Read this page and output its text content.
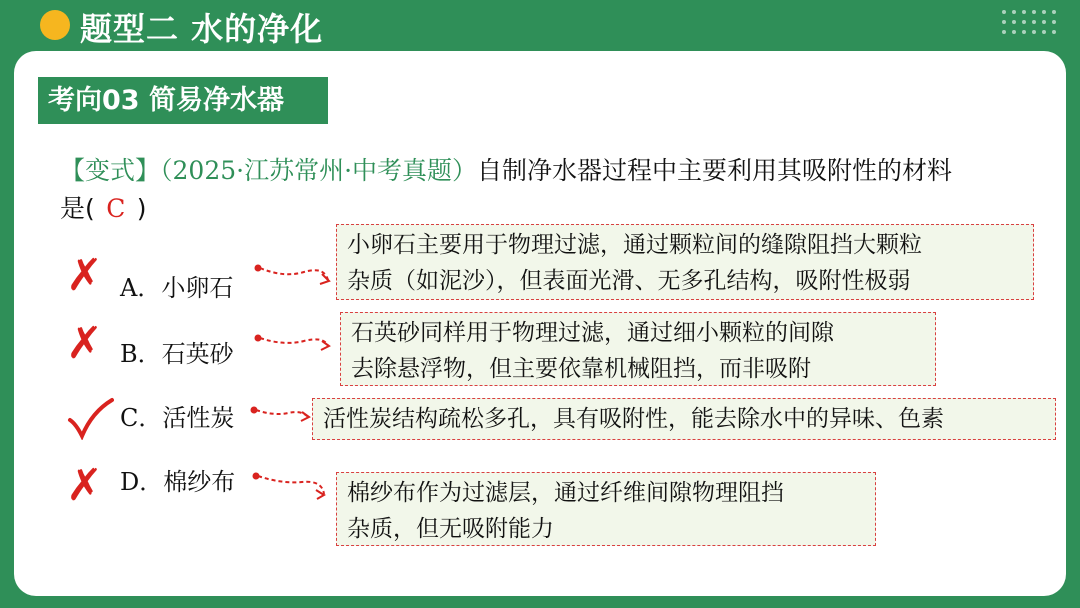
题型二 水的净化
考向03 简易净水器
【变式】（2025·江苏常州·中考真题）自制净水器过程中主要利用其吸附性的材料
是( C )
✗ A．小卵石
小卵石主要用于物理过滤，通过颗粒间的缝隙阻挡大颗粒
杂质（如泥沙），但表面光滑、无多孔结构，吸附性极弱
✗ B．石英砂
石英砂同样用于物理过滤，通过细小颗粒的间隙
去除悬浮物，但主要依靠机械阻挡，而非吸附
C．活性炭	活性炭结构疏松多孔，具有吸附性，能去除水中的异味、色素
✗ D．棉纱布	棉纱布作为过滤层，通过纤维间隙物理阻挡
杂质，但无吸附能力
